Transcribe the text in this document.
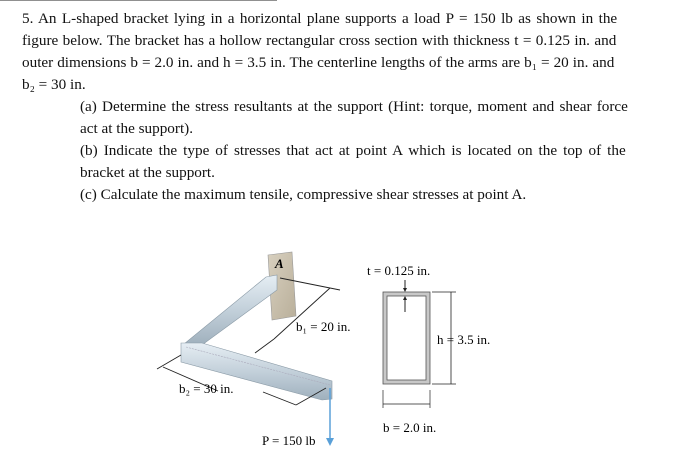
5. An L-shaped bracket lying in a horizontal plane supports a load P = 150 lb as shown in the
figure below. The bracket has a hollow rectangular cross section with thickness t = 0.125 in. and
outer dimensions b = 2.0 in. and h = 3.5 in. The centerline lengths of the arms are b₁ = 20 in. and
b₂ = 30 in.
(a) Determine the stress resultants at the support (Hint: torque, moment and shear force
act at the support).
(b) Indicate the type of stresses that act at point A which is located on the top of the
bracket at the support.
(c) Calculate the maximum tensile, compressive shear stresses at point A.
A
b₁ = 20 in.
b₂ = 30 in.
P = 150 lb
t = 0.125 in.
h = 3.5 in.
b = 2.0 in.
